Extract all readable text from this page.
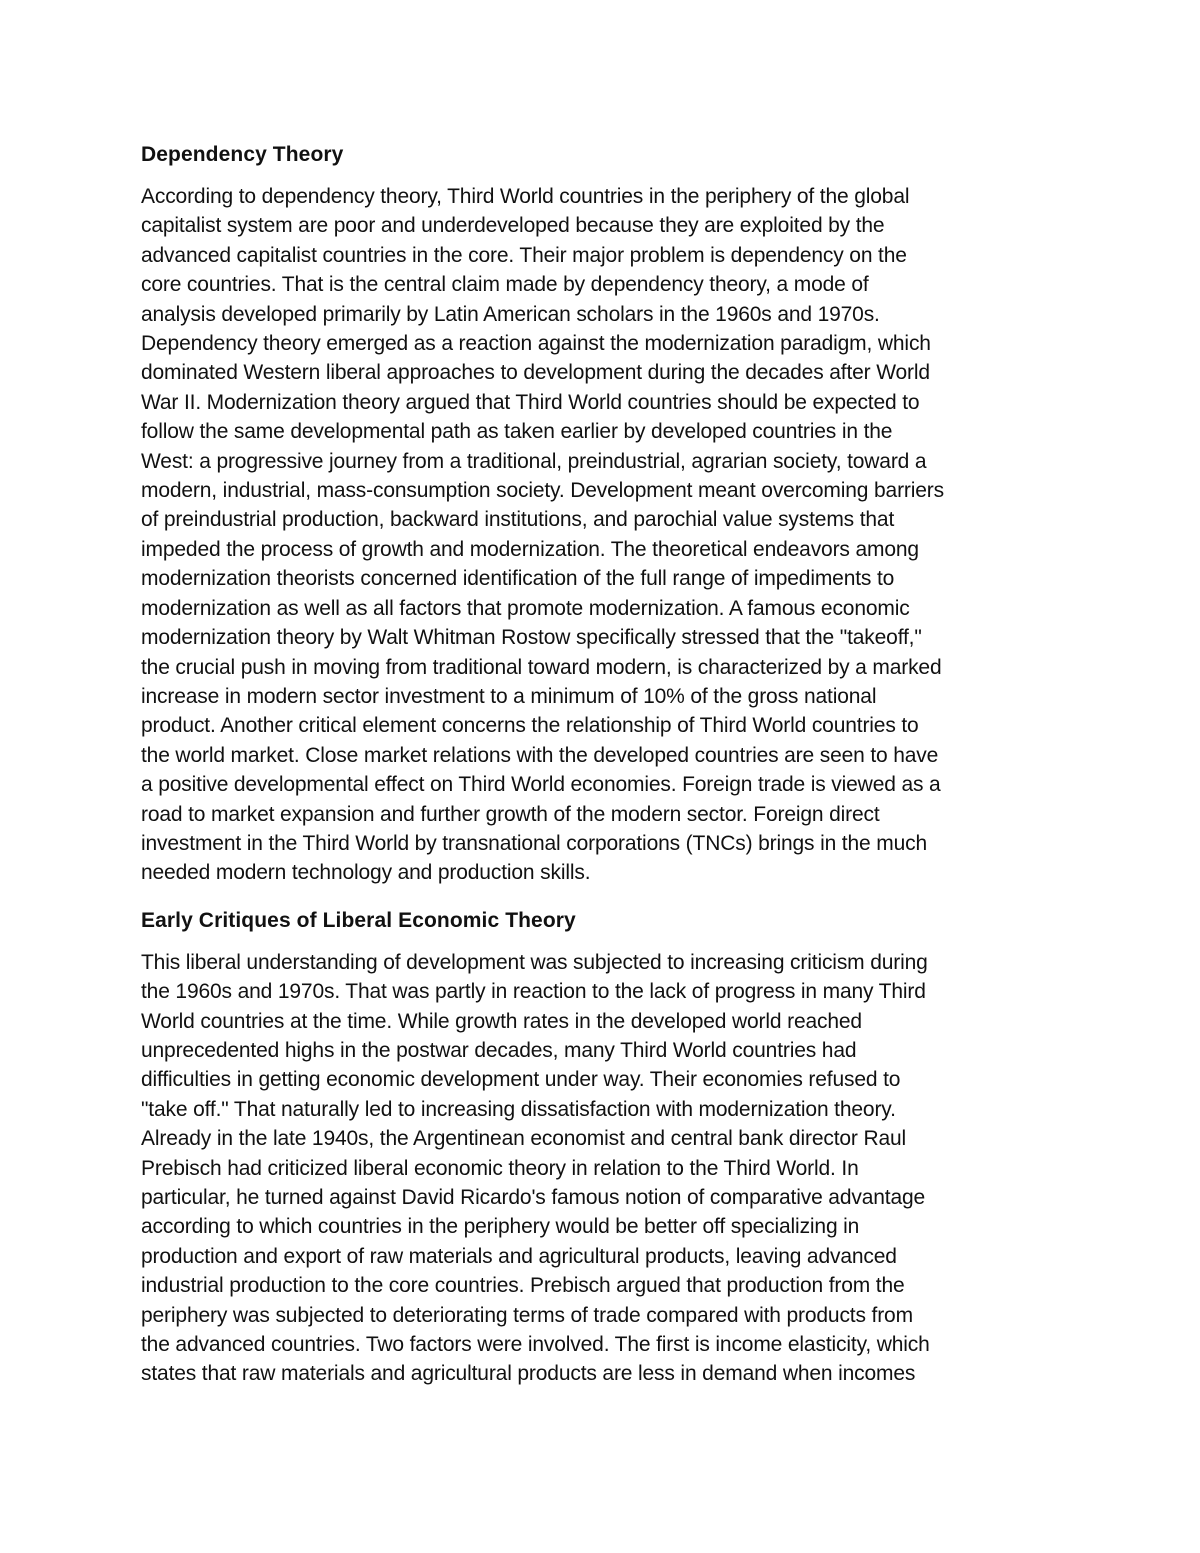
Dependency Theory

According to dependency theory, Third World countries in the periphery of the global

capitalist system are poor and underdeveloped because they are exploited by the

advanced capitalist countries in the core. Their major problem is dependency on the

core countries. That is the central claim made by dependency theory, a mode of

analysis developed primarily by Latin American scholars in the 1960s and 1970s.

Dependency theory emerged as a reaction against the modernization paradigm, which

dominated Western liberal approaches to development during the decades after World

War II. Modernization theory argued that Third World countries should be expected to

follow the same developmental path as taken earlier by developed countries in the

West: a progressive journey from a traditional, preindustrial, agrarian society, toward a

modern, industrial, mass-consumption society. Development meant overcoming barriers

of preindustrial production, backward institutions, and parochial value systems that

impeded the process of growth and modernization. The theoretical endeavors among

modernization theorists concerned identification of the full range of impediments to

modernization as well as all factors that promote modernization. A famous economic

modernization theory by Walt Whitman Rostow specifically stressed that the "takeoff,"

the crucial push in moving from traditional toward modern, is characterized by a marked

increase in modern sector investment to a minimum of 10% of the gross national

product. Another critical element concerns the relationship of Third World countries to

the world market. Close market relations with the developed countries are seen to have

a positive developmental effect on Third World economies. Foreign trade is viewed as a

road to market expansion and further growth of the modern sector. Foreign direct

investment in the Third World by transnational corporations (TNCs) brings in the much

needed modern technology and production skills.

Early Critiques of Liberal Economic Theory

This liberal understanding of development was subjected to increasing criticism during

the 1960s and 1970s. That was partly in reaction to the lack of progress in many Third

World countries at the time. While growth rates in the developed world reached

unprecedented highs in the postwar decades, many Third World countries had

difficulties in getting economic development under way. Their economies refused to

"take off." That naturally led to increasing dissatisfaction with modernization theory.

Already in the late 1940s, the Argentinean economist and central bank director Raul

Prebisch had criticized liberal economic theory in relation to the Third World. In

particular, he turned against David Ricardo's famous notion of comparative advantage

according to which countries in the periphery would be better off specializing in

production and export of raw materials and agricultural products, leaving advanced

industrial production to the core countries. Prebisch argued that production from the

periphery was subjected to deteriorating terms of trade compared with products from

the advanced countries. Two factors were involved. The first is income elasticity, which

states that raw materials and agricultural products are less in demand when incomes
